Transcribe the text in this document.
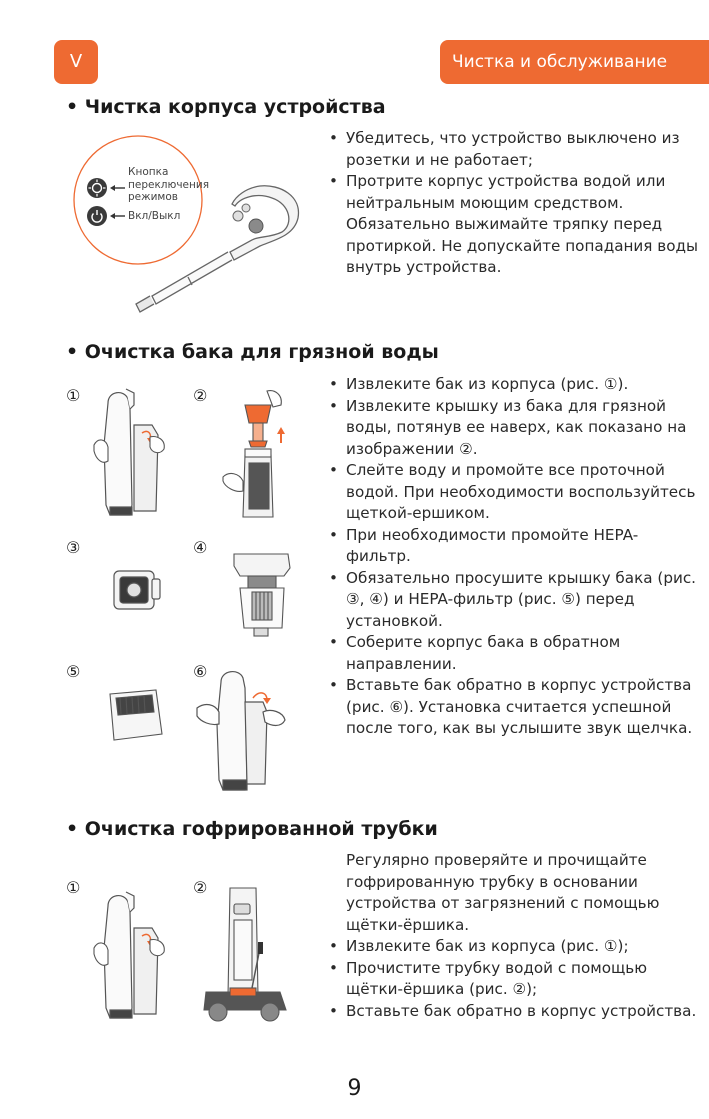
V	Чистка и обслуживание
• Чистка корпуса устройства
Кнопка переключения режимов
Вкл/Выкл
• Убедитесь, что устройство выключено из розетки и не работает;
• Протрите корпус устройства водой или нейтральным моющим средством. Обязательно выжимайте тряпку перед протиркой. Не допускайте попадания воды внутрь устройства.
• Очистка бака для грязной воды
①	②
③	④
⑤	⑥
• Извлеките бак из корпуса (рис. ①).
• Извлеките крышку из бака для грязной воды, потянув ее наверх, как показано на изображении ②.
• Слейте воду и промойте все проточной водой. При необходимости воспользуйтесь щеткой-ершиком.
• При необходимости промойте HEPA-фильтр.
• Обязательно просушите крышку бака (рис. ③, ④) и HEPA-фильтр (рис. ⑤) перед установкой.
• Соберите корпус бака в обратном направлении.
• Вставьте бак обратно в корпус устройства (рис. ⑥). Установка считается успешной после того, как вы услышите звук щелчка.
• Очистка гофрированной трубки
①	②
Регулярно проверяйте и прочищайте гофрированную трубку в основании устройства от загрязнений с помощью щётки-ёршика.
• Извлеките бак из корпуса (рис. ①);
• Прочистите трубку водой с помощью щётки-ёршика (рис. ②);
• Вставьте бак обратно в корпус устройства.
9
